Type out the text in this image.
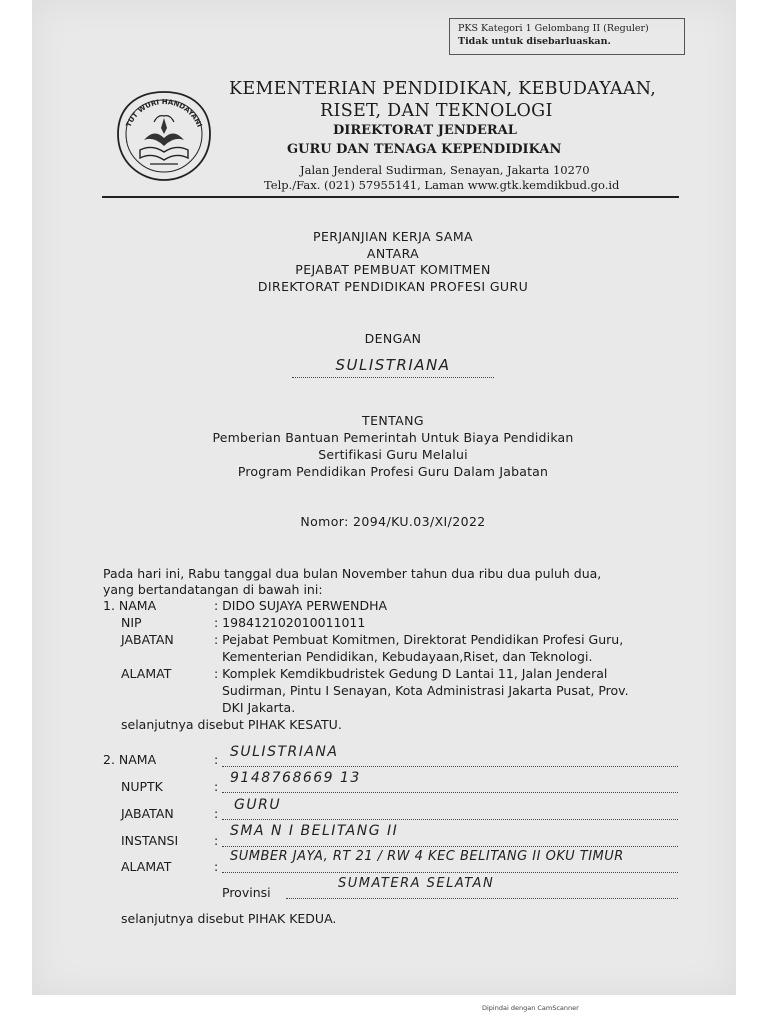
PKS Kategori 1 Gelombang II (Reguler)
Tidak untuk disebarluaskan.
TUT WURI HANDAYANI
KEMENTERIAN PENDIDIKAN, KEBUDAYAAN,
RISET, DAN TEKNOLOGI
DIREKTORAT JENDERAL
GURU DAN TENAGA KEPENDIDIKAN
Jalan Jenderal Sudirman, Senayan, Jakarta 10270
Telp./Fax. (021) 57955141, Laman www.gtk.kemdikbud.go.id
PERJANJIAN KERJA SAMA
ANTARA
PEJABAT PEMBUAT KOMITMEN
DIREKTORAT PENDIDIKAN PROFESI GURU
DENGAN
SULISTRIANA
TENTANG
Pemberian Bantuan Pemerintah Untuk Biaya Pendidikan
Sertifikasi Guru Melalui
Program Pendidikan Profesi Guru Dalam Jabatan
Nomor: 2094/KU.03/XI/2022
Pada hari ini, Rabu tanggal dua bulan November tahun dua ribu dua puluh dua,
yang bertandatangan di bawah ini:
1. NAMA	: DIDO SUJAYA PERWENDHA
NIP	: 198412102010011011
JABATAN	: Pejabat Pembuat Komitmen, Direktorat Pendidikan Profesi Guru,
Kementerian Pendidikan, Kebudayaan,Riset, dan Teknologi.
ALAMAT	: Komplek Kemdikbudristek Gedung D Lantai 11, Jalan Jenderal
Sudirman, Pintu I Senayan, Kota Administrasi Jakarta Pusat, Prov.
DKI Jakarta.
selanjutnya disebut PIHAK KESATU.
2. NAMA	: SULISTRIANA
NUPTK	:
9148768669 13
JABATAN	:
GURU
INSTANSI	:
SMA N I BELITANG II
ALAMAT	:
SUMBER JAYA, RT 21 / RW 4 KEC BELITANG II OKU TIMUR
Provinsi
SUMATERA SELATAN
selanjutnya disebut PIHAK KEDUA.
Dipindai dengan CamScanner
